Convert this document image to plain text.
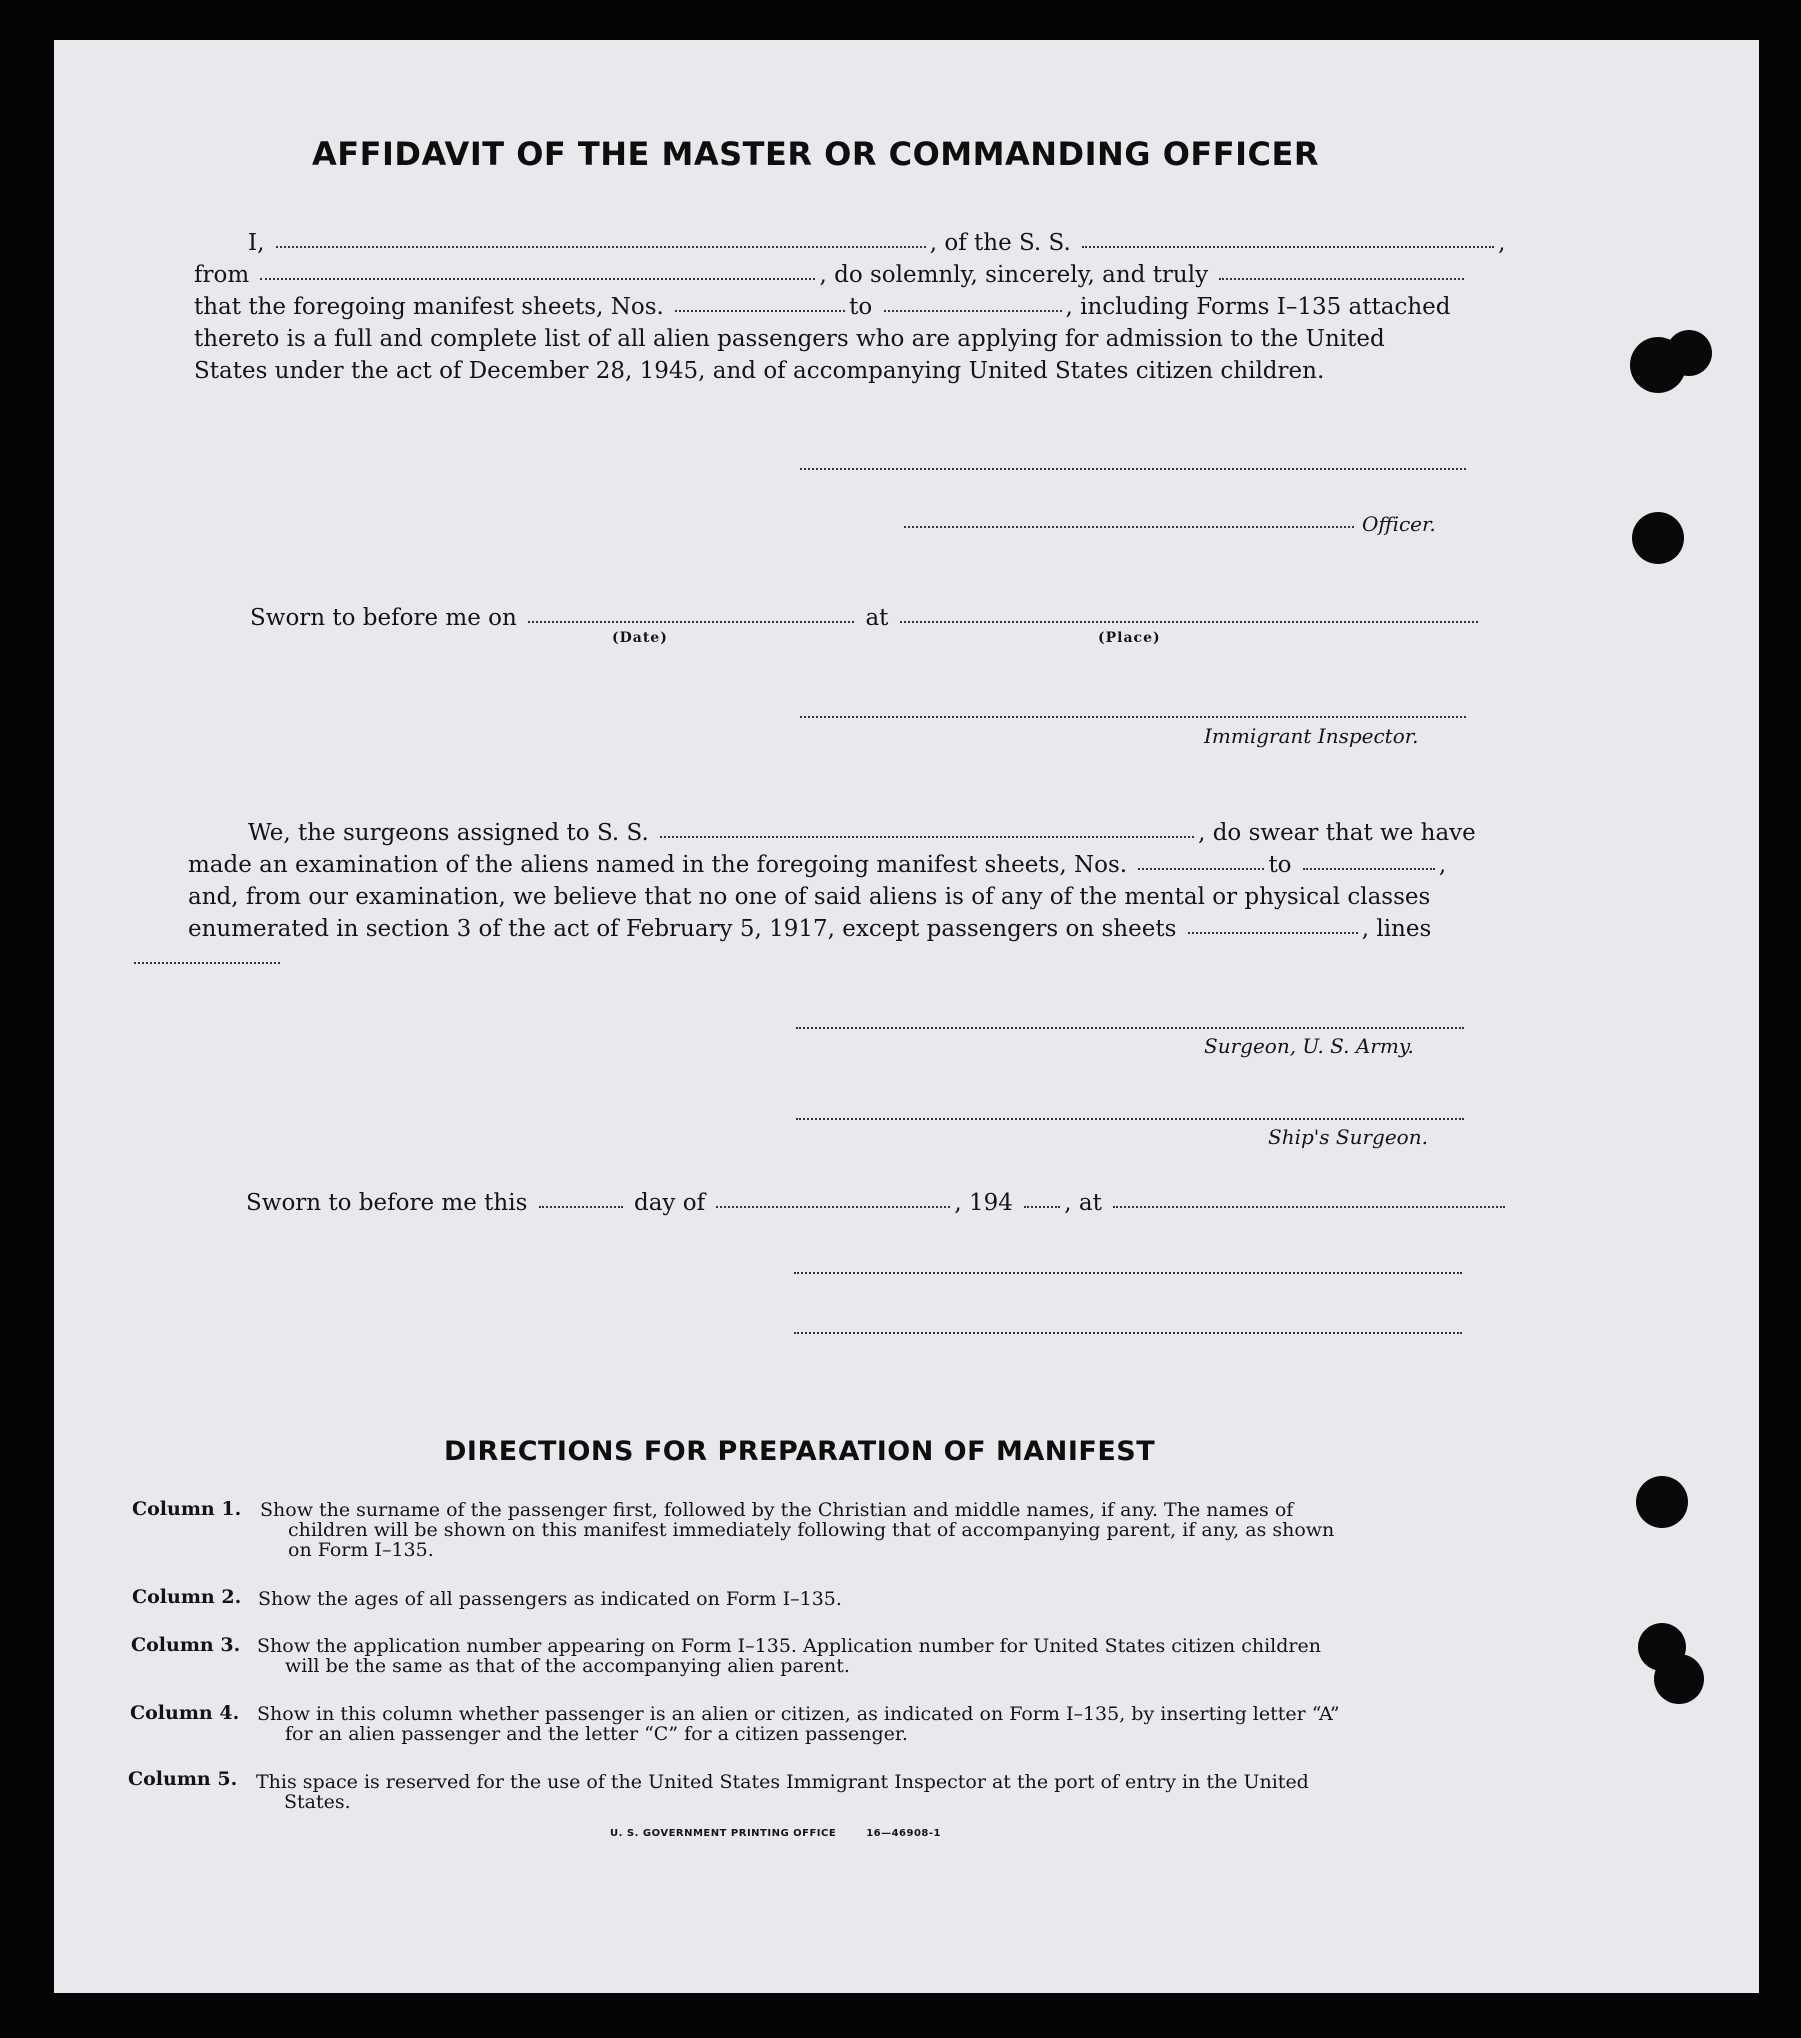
AFFIDAVIT OF THE MASTER OR COMMANDING OFFICER
I,	, of the S. S.	,
from	, do solemnly, sincerely, and truly
that the foregoing manifest sheets, Nos.	to	, including Forms I–135 attached
thereto is a full and complete list of all alien passengers who are applying for admission to the United
States under the act of December 28, 1945, and of accompanying United States citizen children.
Officer.
Sworn to before me on	at
(Date)	(Place)
Immigrant Inspector.
We, the surgeons assigned to S. S.	, do swear that we have
made an examination of the aliens named in the foregoing manifest sheets, Nos.	to	,
and, from our examination, we believe that no one of said aliens is of any of the mental or physical classes
enumerated in section 3 of the act of February 5, 1917, except passengers on sheets	, lines
Surgeon, U. S. Army.
Ship's Surgeon.
Sworn to before me this	day of	, 194 , at
DIRECTIONS FOR PREPARATION OF MANIFEST
Column 1. Show the surname of the passenger first, followed by the Christian and middle names, if any. The names of
children will be shown on this manifest immediately following that of accompanying parent, if any, as shown
on Form I–135.
Column 2. Show the ages of all passengers as indicated on Form I–135.
Column 3. Show the application number appearing on Form I–135. Application number for United States citizen children
will be the same as that of the accompanying alien parent.
Column 4. Show in this column whether passenger is an alien or citizen, as indicated on Form I–135, by inserting letter “A”
for an alien passenger and the letter “C” for a citizen passenger.
Column 5. This space is reserved for the use of the United States Immigrant Inspector at the port of entry in the United
States.
U. S. GOVERNMENT PRINTING OFFICE	16—46908-1
